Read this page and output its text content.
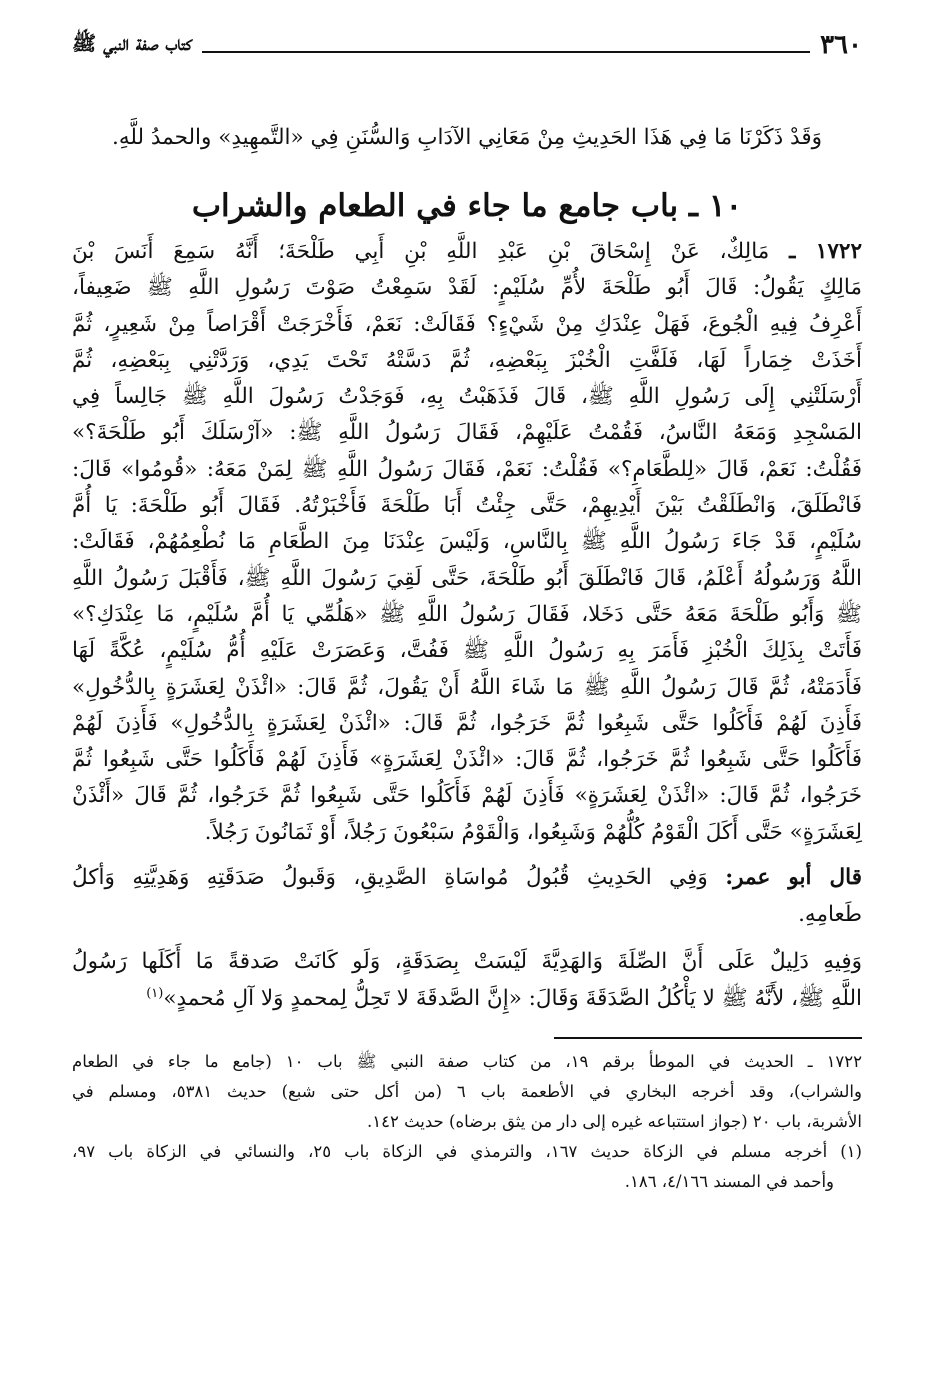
٣٦٠
كتاب صفة النبي ﷺ
وَقَدْ ذَكَرْنَا مَا فِي هَذَا الحَدِيثِ مِنْ مَعَانِي الآدَابِ وَالسُّنَنِ فِي «التَّمهِيدِ» والحمدُ للَّهِ.
١٠ ـ باب جامع ما جاء في الطعام والشراب
١٧٢٢ ـ مَالِكٌ، عَنْ إِسْحَاقَ بْنِ عَبْدِ اللَّهِ بْنِ أَبِي طَلْحَةَ؛ أَنَّهُ سَمِعَ أَنَسَ بْنَ
مَالِكٍ يَقُولُ: قَالَ أَبُو طَلْحَةَ لأُمِّ سُلَيْمٍ: لَقَدْ سَمِعْتُ صَوْتَ رَسُولِ اللَّهِ ﷺ ضَعِيفاً،
أَعْرِفُ فِيهِ الْجُوعَ، فَهَلْ عِنْدَكِ مِنْ شَيْءٍ؟ فَقَالَتْ: نَعَمْ، فَأَخْرَجَتْ أَقْرَاصاً مِنْ شَعِيرٍ، ثُمَّ
أَخَذَتْ خِمَاراً لَهَا، فَلَفَّتِ الْخُبْزَ بِبَعْضِهِ، ثُمَّ دَسَّتْهُ تَحْتَ يَدِي، وَرَدَّتْنِي بِبَعْضِهِ، ثُمَّ
أَرْسَلَتْنِي إِلَى رَسُولِ اللَّهِ ﷺ، قَالَ فَذَهَبْتُ بِهِ، فَوَجَدْتُ رَسُولَ اللَّهِ ﷺ جَالِساً فِي
المَسْجِدِ وَمَعَهُ النَّاسُ، فَقُمْتُ عَلَيْهِمْ، فَقَالَ رَسُولُ اللَّهِ ﷺ: «آرْسَلَكَ أَبُو طَلْحَةَ؟»
فَقُلْتُ: نَعَمْ، قَالَ «لِلطَّعَامِ؟» فَقُلْتُ: نَعَمْ، فَقَالَ رَسُولُ اللَّهِ ﷺ لِمَنْ مَعَهُ: «قُومُوا» قَالَ:
فَانْطَلَقَ، وَانْطَلَقْتُ بَيْنَ أَيْدِيهِمْ، حَتَّى جِئْتُ أَبَا طَلْحَةَ فَأَخْبَرْتُهُ. فَقَالَ أَبُو طَلْحَةَ: يَا أُمَّ
سُلَيْمٍ، قَدْ جَاءَ رَسُولُ اللَّهِ ﷺ بِالنَّاسِ، وَلَيْسَ عِنْدَنَا مِنَ الطَّعَامِ مَا نُطْعِمُهُمْ، فَقَالَتْ:
اللَّهُ وَرَسُولُهُ أَعْلَمُ، قَالَ فَانْطَلَقَ أَبُو طَلْحَةَ، حَتَّى لَقِيَ رَسُولَ اللَّهِ ﷺ، فَأَقْبَلَ رَسُولُ اللَّهِ
ﷺ وَأَبُو طَلْحَةَ مَعَهُ حَتَّى دَخَلا، فَقَالَ رَسُولُ اللَّهِ ﷺ «هَلُمِّي يَا أُمَّ سُلَيْمٍ، مَا عِنْدَكِ؟»
فَأَتَتْ بِذَلِكَ الْخُبْزِ فَأَمَرَ بِهِ رَسُولُ اللَّهِ ﷺ فَفُتَّ، وَعَصَرَتْ عَلَيْهِ أُمُّ سُلَيْمٍ، عُكَّةً لَهَا
فَأَدَمَتْهُ، ثُمَّ قَالَ رَسُولُ اللَّهِ ﷺ مَا شَاءَ اللَّهُ أَنْ يَقُولَ، ثُمَّ قَالَ: «ائْذَنْ لِعَشَرَةٍ بِالدُّخُولِ»
فَأَذِنَ لَهُمْ فَأَكَلُوا حَتَّى شَبِعُوا ثُمَّ خَرَجُوا، ثُمَّ قَالَ: «ائْذَنْ لِعَشَرَةٍ بِالدُّخُولِ» فَأَذِنَ لَهُمْ
فَأَكَلُوا حَتَّى شَبِعُوا ثُمَّ خَرَجُوا، ثُمَّ قَالَ: «ائْذَنْ لِعَشَرَةٍ» فَأَذِنَ لَهُمْ فَأَكَلُوا حَتَّى شَبِعُوا ثُمَّ
خَرَجُوا، ثُمَّ قَالَ: «ائْذَنْ لِعَشَرَةٍ» فَأَذِنَ لَهُمْ فَأَكَلُوا حَتَّى شَبِعُوا ثُمَّ خَرَجُوا، ثُمَّ قَالَ «أَئْذَنْ
لِعَشَرَةٍ» حَتَّى أَكَلَ الْقَوْمُ كُلُّهُمْ وَشَبِعُوا، وَالْقَوْمُ سَبْعُونَ رَجُلاً، أَوْ ثَمَانُونَ رَجُلاً.
قال أبو عمر: وَفِي الحَدِيثِ قُبُولُ مُواسَاةِ الصَّدِيقِ، وَقَبولُ صَدَقَتِهِ وَهَدِيَّتِهِ وَأكلُ
طَعامِهِ.
وَفِيهِ دَلِيلٌ عَلَى أَنَّ الصِّلَةَ وَالهَدِيَّةَ لَيْسَتْ بِصَدَقَةٍ، وَلَو كَانَتْ صَدقةً مَا أَكَلَها رَسُولُ
اللَّهِ ﷺ، لأَنَّهُ ﷺ لا يَأْكُلُ الصَّدَقَةَ وَقَالَ: «إِنَّ الصَّدقَةَ لا تَحِلُّ لِمحمدٍ وَلا آلِ مُحمدٍ»$^{(١)}$
١٧٢٢ ـ الحديث في الموطأ برقم ١٩، من كتاب صفة النبي ﷺ باب ١٠ (جامع ما جاء في الطعام
والشراب)، وقد أخرجه البخاري في الأطعمة باب ٦ (من أكل حتى شبع) حديث ٥٣٨١، ومسلم في
الأشربة، باب ٢٠ (جواز استتباعه غيره إلى دار من يثق برضاه) حديث ١٤٢.
(١) أخرجه مسلم في الزكاة حديث ١٦٧، والترمذي في الزكاة باب ٢٥، والنسائي في الزكاة باب ٩٧،
وأحمد في المسند ٤/١٦٦، ١٨٦.
